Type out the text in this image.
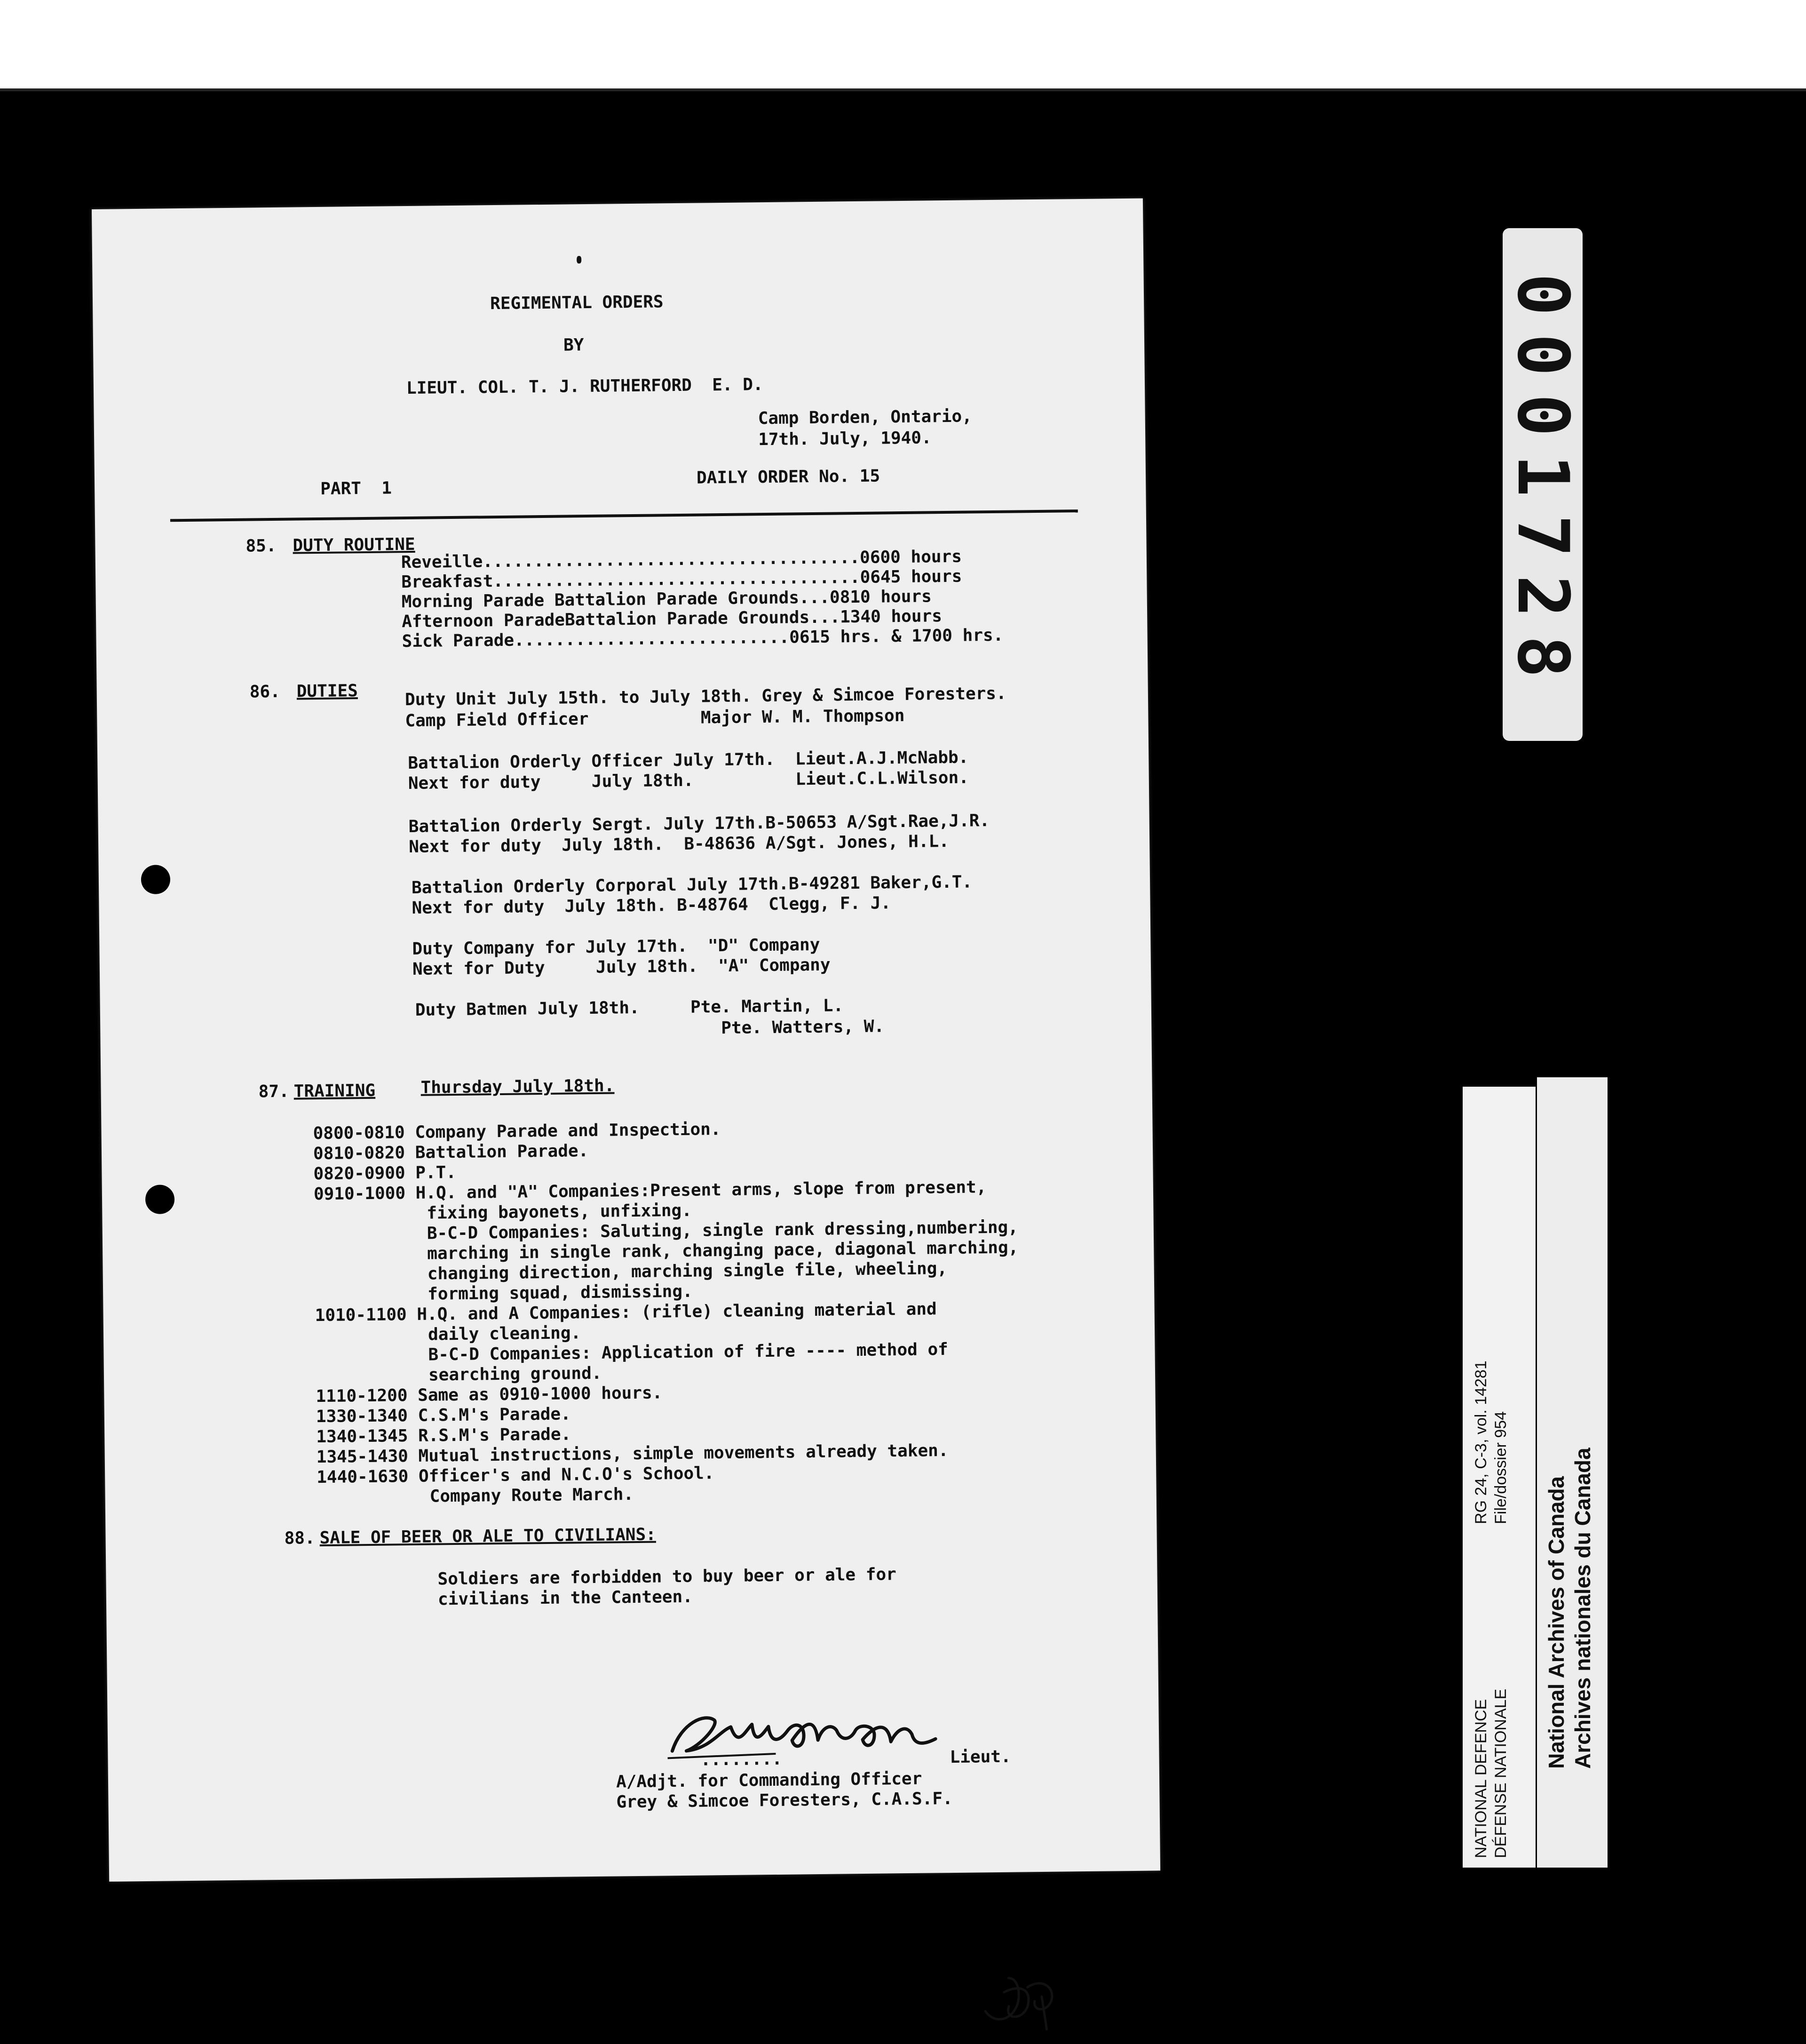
REGIMENTAL ORDERS
BY
LIEUT. COL. T. J. RUTHERFORD  E. D.
Camp Borden, Ontario,
17th. July, 1940.
PART  1
DAILY ORDER No. 15
85. DUTY ROUTINE
Reveille.....................................0600 hours
Breakfast....................................0645 hours
Morning Parade Battalion Parade Grounds...0810 hours
Afternoon ParadeBattalion Parade Grounds...1340 hours
Sick Parade...........................0615 hrs. & 1700 hrs.
86. DUTIES	Duty Unit July 15th. to July 18th. Grey & Simcoe Foresters.
Camp Field Officer           Major W. M. Thompson
Battalion Orderly Officer July 17th.  Lieut.A.J.McNabb.
Next for duty     July 18th.          Lieut.C.L.Wilson.
Battalion Orderly Sergt. July 17th.B-50653 A/Sgt.Rae,J.R.
Next for duty  July 18th.  B-48636 A/Sgt. Jones, H.L.
Battalion Orderly Corporal July 17th.B-49281 Baker,G.T.
Next for duty  July 18th. B-48764  Clegg, F. J.
Duty Company for July 17th.  "D" Company
Next for Duty     July 18th.  "A" Company
Duty Batmen July 18th.     Pte. Martin, L.
Pte. Watters, W.
87. TRAINING	Thursday July 18th.
0800-0810 Company Parade and Inspection.
0810-0820 Battalion Parade.
0820-0900 P.T.
0910-1000 H.Q. and "A" Companies:Present arms, slope from present,
fixing bayonets, unfixing.
B-C-D Companies: Saluting, single rank dressing,numbering,
marching in single rank, changing pace, diagonal marching,
changing direction, marching single file, wheeling,
forming squad, dismissing.
1010-1100 H.Q. and A Companies: (rifle) cleaning material and
daily cleaning.
B-C-D Companies: Application of fire ---- method of
searching ground.
1110-1200 Same as 0910-1000 hours.
1330-1340 C.S.M's Parade.
1340-1345 R.S.M's Parade.
1345-1430 Mutual instructions, simple movements already taken.
1440-1630 Officer's and N.C.O's School.
Company Route March.
88. SALE OF BEER OR ALE TO CIVILIANS:
Soldiers are forbidden to buy beer or ale for
civilians in the Canteen.
........	Lieut.
A/Adjt. for Commanding Officer
Grey & Simcoe Foresters, C.A.S.F.
0001728
RG 24, C-3, vol. 14281 File/dossier 954
NATIONAL DEFENCE DÉFENSE NATIONALE
National Archives of Canada Archives nationales du Canada
